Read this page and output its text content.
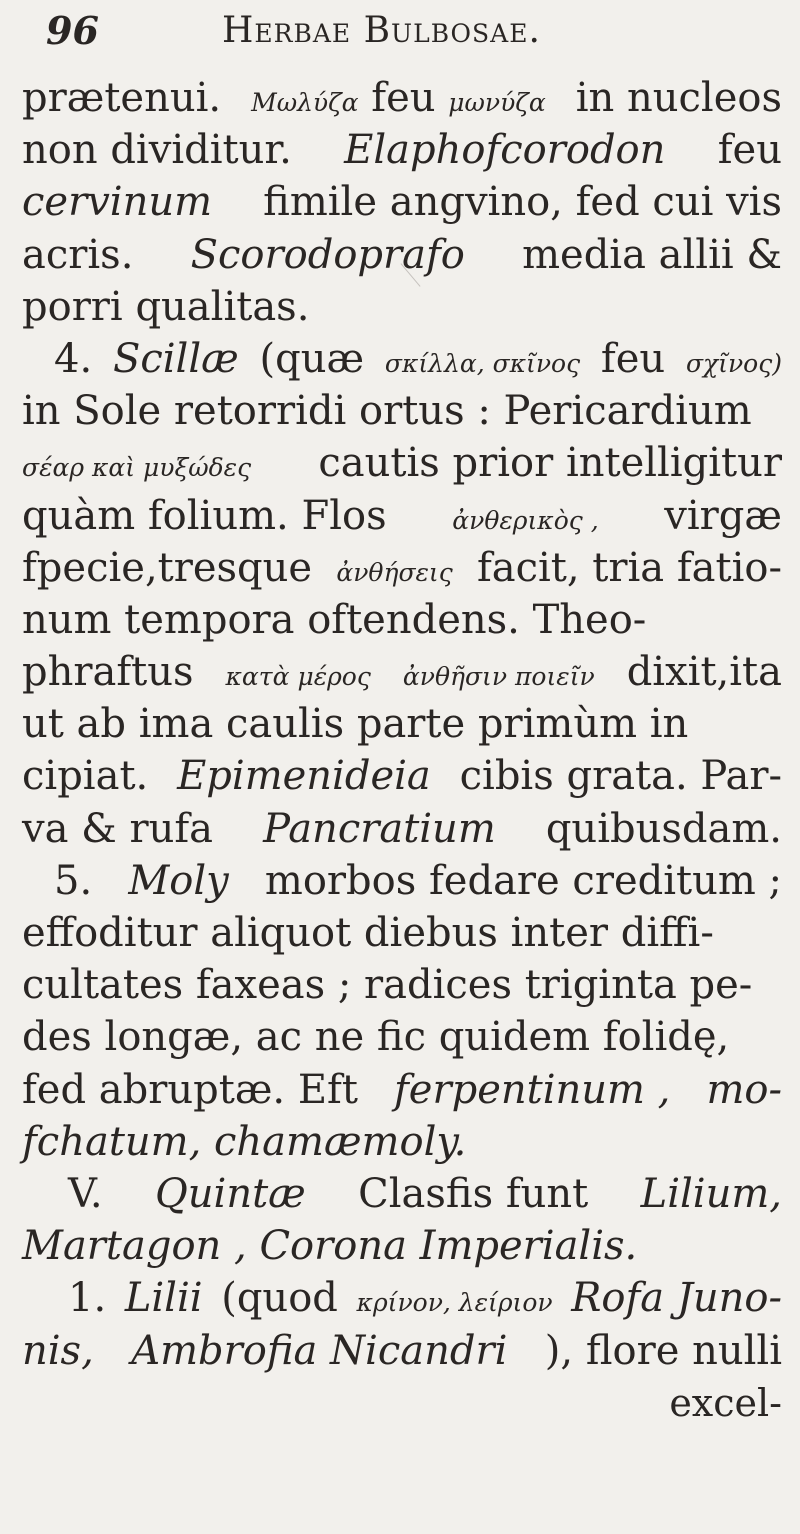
96	Herbae Bulbosae.
prætenui. Μωλύζα feu μωνύζα in nucleos
non dividitur. Elaphofcorodon feu
cervinum fimile angvino, fed cui vis
acris. Scorodoprafo media allii &
porri qualitas.
4. Scillæ (quæ σκίλλα, σκῖνος feu σχῖνος)
in Sole retorridi ortus : Pericardium
σέαρ καὶ μυξώδες cautis prior intelligitur
quàm folium. Flos	ἀνθερικὸς , virgæ
fpecie,tresque ἀνθήσεις facit, tria fatio-
num tempora oftendens. Theo-
phraftus κατὰ μέρος ἀνθῆσιν ποιεῖν dixit,ita
ut ab ima caulis parte primùm in
cipiat. Epimenideia cibis grata. Par-
va & rufa Pancratium quibusdam.
5. Moly morbos fedare creditum ;
effoditur aliquot diebus inter diffi-
cultates faxeas ; radices triginta pe-
des longæ, ac ne fic quidem folidę,
fed abruptæ. Eft ferpentinum , mo-
fchatum, chamæmoly.
V. Quintæ Clasfis funt Lilium,
Martagon , Corona Imperialis.
1. Lilii (quod κρίνον, λείριον Rofa Juno-
nis, Ambrofia Nicandri ), flore nulli
excel-
